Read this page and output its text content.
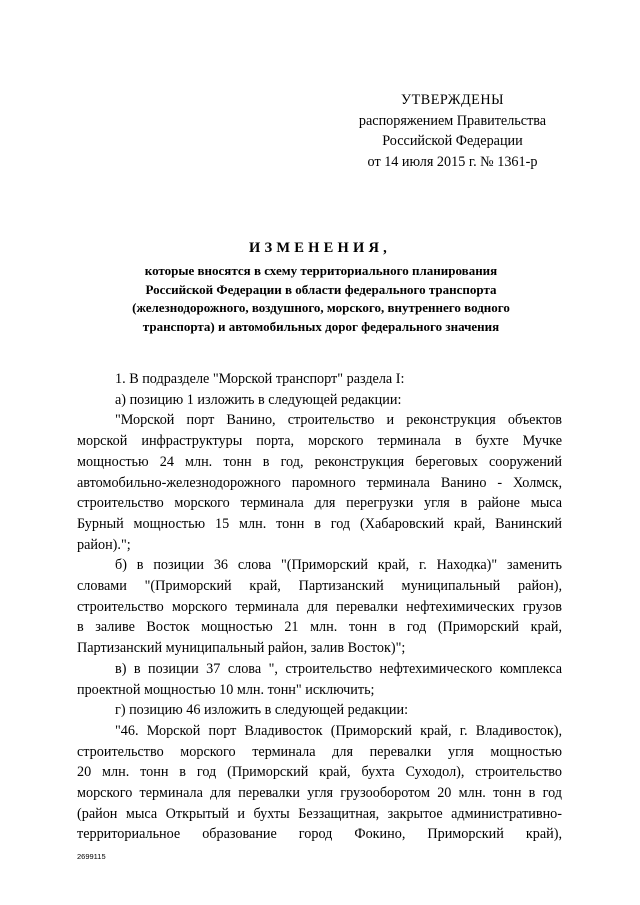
УТВЕРЖДЕНЫ
распоряжением Правительства
Российской Федерации
от 14 июля 2015 г. № 1361-р
ИЗМЕНЕНИЯ,
которые вносятся в схему территориального планирования
Российской Федерации в области федерального транспорта
(железнодорожного, воздушного, морского, внутреннего водного
транспорта) и автомобильных дорог федерального значения

1. В подразделе "Морской транспорт" раздела I:

а) позицию 1 изложить в следующей редакции:

"Морской порт Ванино, строительство и реконструкция объектов

морской инфраструктуры порта, морского терминала в бухте Мучке

мощностью 24 млн. тонн в год, реконструкция береговых сооружений

автомобильно-железнодорожного паромного терминала Ванино - Холмск,

строительство морского терминала для перегрузки угля в районе мыса

Бурный мощностью 15 млн. тонн в год (Хабаровский край, Ванинский

район).";

б) в позиции 36 слова "(Приморский край, г. Находка)" заменить

словами "(Приморский край, Партизанский муниципальный район),

строительство морского терминала для перевалки нефтехимических грузов

в заливе Восток мощностью 21 млн. тонн в год (Приморский край,

Партизанский муниципальный район, залив Восток)";

в) в позиции 37 слова ", строительство нефтехимического комплекса

проектной мощностью 10 млн. тонн" исключить;

г) позицию 46 изложить в следующей редакции:

"46. Морской порт Владивосток (Приморский край, г. Владивосток),

строительство морского терминала для перевалки угля мощностью

20 млн. тонн в год (Приморский край, бухта Суходол), строительство

морского терминала для перевалки угля грузооборотом 20 млн. тонн в год

(район мыса Открытый и бухты Беззащитная, закрытое административно-

территориальное образование город Фокино, Приморский край),

2699115
